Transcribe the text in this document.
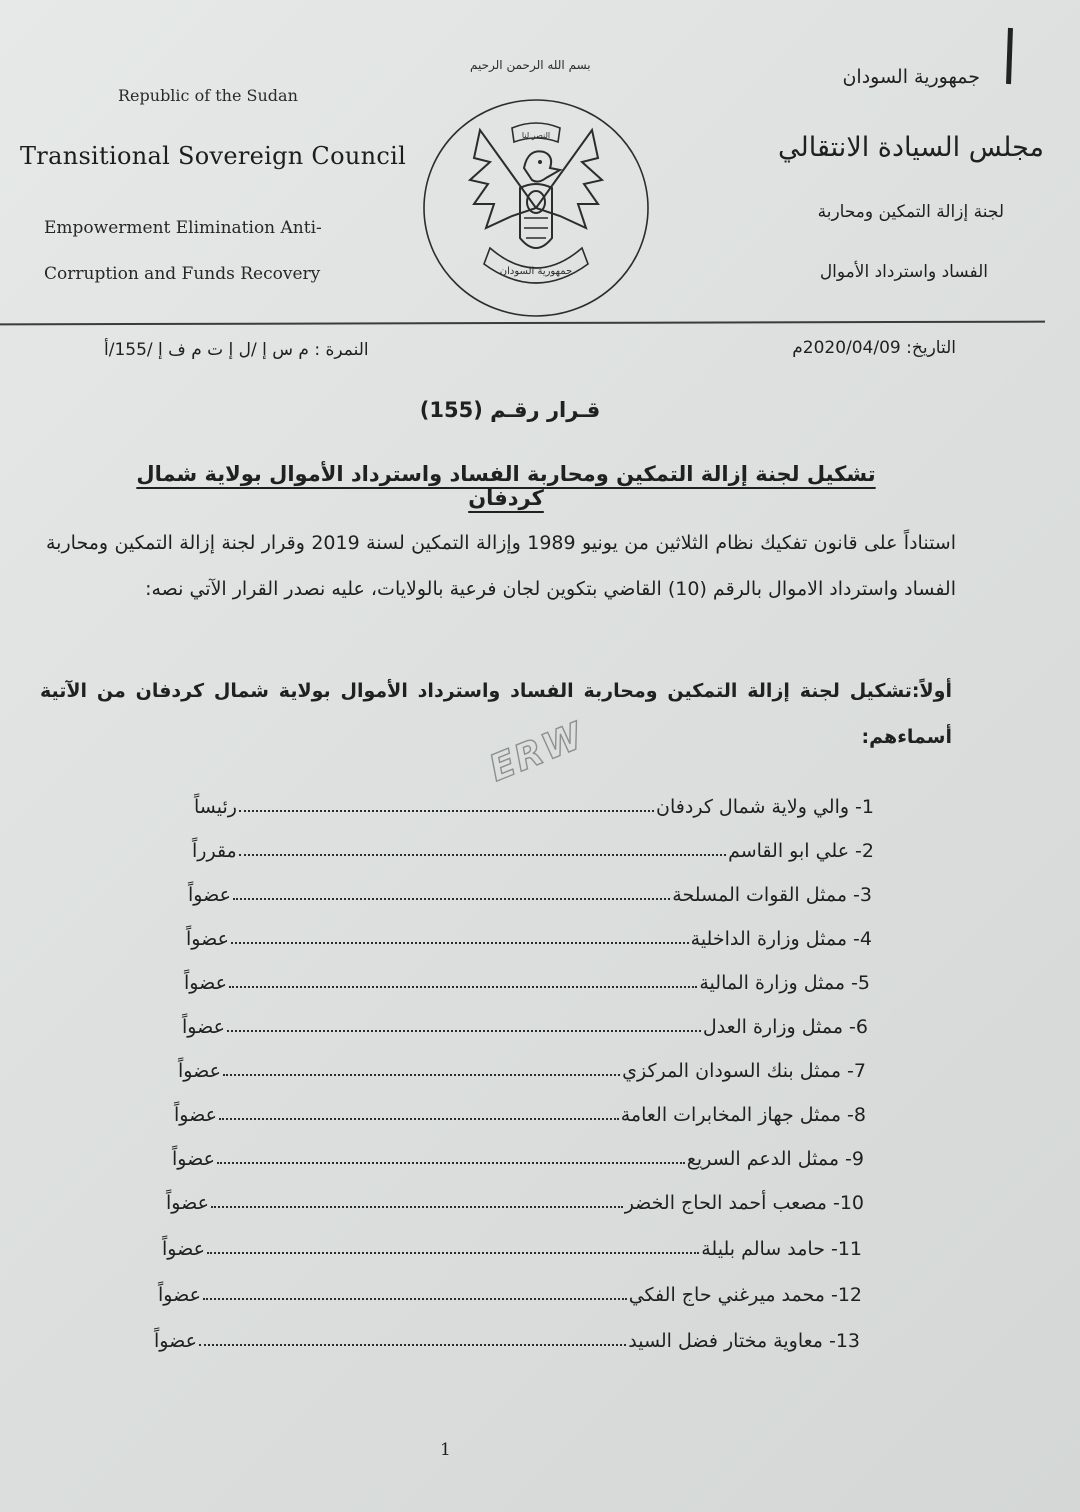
Republic of the Sudan
Transitional Sovereign Council
Empowerment Elimination Anti-
Corruption and Funds Recovery
جمهورية السودان
مجلس السيادة الانتقالي
لجنة إزالة التمكين ومحاربة
الفساد واسترداد الأموال
بسم الله الرحمن الرحيم
النصر لنا
جمهورية السودان
التاريخ: 2020/04/09م
النمرة : م س إ /ل إ ت م ف إ /155/أ
قـرار رقـم (155)
تشكيل لجنة إزالة التمكين ومحاربة الفساد واسترداد الأموال بولاية شمال كردفان
استناداً على قانون تفكيك نظام الثلاثين من يونيو 1989 وإزالة التمكين لسنة 2019 وقرار لجنة إزالة التمكين ومحاربة الفساد واسترداد الاموال بالرقم (10) القاضي بتكوين لجان فرعية بالولايات، عليه نصدر القرار الآتي نصه:
أولاً:تشكيل لجنة إزالة التمكين ومحاربة الفساد واسترداد الأموال بولاية شمال كردفان من الآتية أسماءهم:
ERW
1-
والي ولاية شمال كردفان
رئيساً
2-
علي ابو القاسم
مقرراً
3-
ممثل القوات المسلحة
عضواً
4-
ممثل وزارة الداخلية
عضواً
5-
ممثل وزارة المالية
عضواً
6-
ممثل وزارة العدل
عضواً
7-
ممثل بنك السودان المركزي
عضواً
8-
ممثل جهاز المخابرات العامة
عضواً
9-
ممثل الدعم السريع
عضواً
10-
مصعب أحمد الحاج الخضر
عضواً
11-
حامد سالم بليلة
عضواً
12-
محمد ميرغني حاج الفكي
عضواً
13-
معاوية مختار فضل السيد
عضواً
1
